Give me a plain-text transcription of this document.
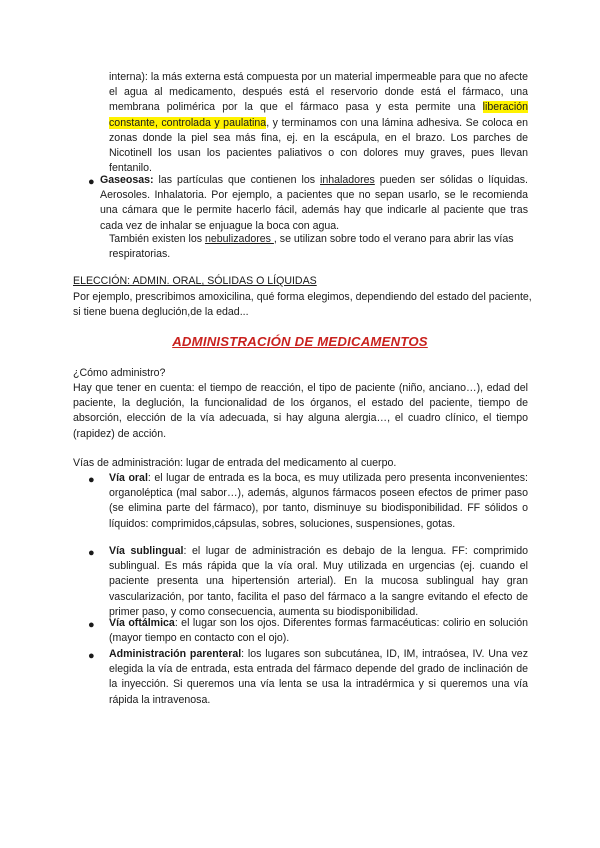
interna): la más externa está compuesta por un material impermeable para que no afecte el agua al medicamento, después está el reservorio donde está el fármaco, una membrana polimérica por la que el fármaco pasa y esta permite una liberación constante, controlada y paulatina, y terminamos con una lámina adhesiva. Se coloca en zonas donde la piel sea más fina, ej. en la escápula, en el brazo. Los parches de Nicotinell los usan los pacientes paliativos o con dolores muy graves, pues llevan fentanilo.

● Gaseosas: las partículas que contienen los inhaladores pueden ser sólidas o líquidas. Aerosoles. Inhalatoria. Por ejemplo, a pacientes que no sepan usarlo, se le recomienda una cámara que le permite hacerlo fácil, además hay que indicarle al paciente que tras cada vez de inhalar se enjuague la boca con agua.

También existen los nebulizadores , se utilizan sobre todo el verano para abrir las vías respiratorias.

ELECCIÓN: ADMIN. ORAL, SÓLIDAS O LÍQUIDAS

Por ejemplo, prescribimos amoxicilina, qué forma elegimos, dependiendo del estado del paciente, si tiene buena deglución,de la edad...

ADMINISTRACIÓN DE MEDICAMENTOS

¿Cómo administro?

Hay que tener en cuenta: el tiempo de reacción, el tipo de paciente (niño, anciano…), edad del paciente, la deglución, la funcionalidad de los órganos, el estado del paciente, tiempo de absorción, elección de la vía adecuada, si hay alguna alergia…, el cuadro clínico, el tiempo (rapidez) de acción.

Vías de administración: lugar de entrada del medicamento al cuerpo.

● Vía oral: el lugar de entrada es la boca, es muy utilizada pero presenta inconvenientes: organoléptica (mal sabor…), además, algunos fármacos poseen efectos de primer paso (se elimina parte del fármaco), por tanto, disminuye su biodisponibilidad. FF sólidos o líquidos: comprimidos,cápsulas, sobres, soluciones, suspensiones, gotas.

● Vía sublingual: el lugar de administración es debajo de la lengua. FF: comprimido sublingual. Es más rápida que la vía oral. Muy utilizada en urgencias (ej. cuando el paciente presenta una hipertensión arterial). En la mucosa sublingual hay gran vascularización, por tanto, facilita el paso del fármaco a la sangre evitando el efecto de primer paso, y como consecuencia, aumenta su biodisponibilidad.

● Vía oftálmica: el lugar son los ojos. Diferentes formas farmacéuticas: colirio en solución (mayor tiempo en contacto con el ojo).

● Administración parenteral: los lugares son subcutánea, ID, IM, intraósea, IV. Una vez elegida la vía de entrada, esta entrada del fármaco depende del grado de inclinación de la inyección. Si queremos una vía lenta se usa la intradérmica y si queremos una vía rápida la intravenosa.
